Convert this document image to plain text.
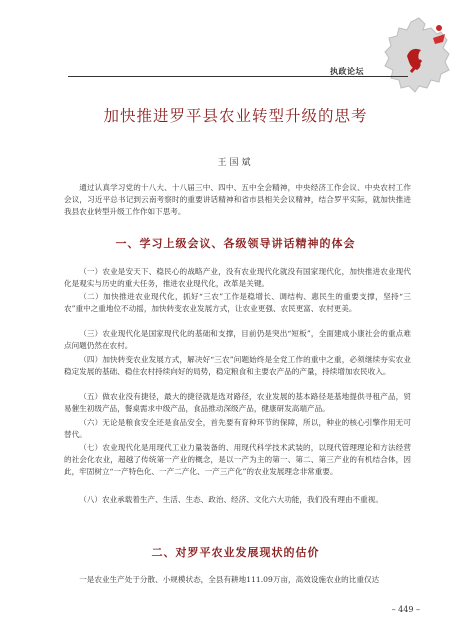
执政论坛
加快推进罗平县农业转型升级的思考
王国斌

通过认真学习党的十八大、十八届三中、四中、五中全会精神，中央经济工作会议、中央农村工作会议，习近平总书记到云南考察时的重要讲话精神和省市县相关会议精神，结合罗平实际，就加快推进我县农业转型升级工作作如下思考。

一、学习上级会议、各级领导讲话精神的体会

（一）农业是安天下、稳民心的战略产业，没有农业现代化就没有国家现代化，加快推进农业现代化是观实与历史的重大任务，推进农业现代化，改革是关键。

（二）加快推进农业现代化，抓好“三农”工作是稳增长、调结构、惠民生的重要支撑，坚持“三农”重中之重地位不动摇，加快转变农业发展方式，让农业更强、农民更富、农村更美。

（三）农业现代化是国家现代化的基础和支撑，目前仍是突出“短板”，全面建成小康社会的重点难点问题仍然在农村。

（四）加快转变农业发展方式，解决好“三农”问题始终是全党工作的重中之重，必须继续夯实农业稳定发展的基础、稳住农村持续向好的局势，稳定粮食和主要农产品的产量，持续增加农民收入。

（五）做农业没有捷径，最大的捷径就是选对路径，农业发展的基本路径是基地提供寻租产品，贸易催生初级产品，餐桌需求中级产品，食品推动深级产品，健康研发高端产品。

（六）无论是粮食安全还是食品安全，首先要有育种环节的保障，所以，种业的核心引擎作用无可替代。

（七）农业现代化是用现代工业力量装备的、用现代科学技术武装的，以现代管理理论和方法经营的社会化农业，超越了传统第一产业的概念，是以一产为主的第一、第二、第三产业的有机结合体，因此，牢固树立“一产特色化、一产二产化、一产三产化”的农业发展理念非常重要。

（八）农业承载着生产、生活、生态、政治、经济、文化六大功能，我们没有理由不重视。

二、对罗平农业发展现状的估价

一是农业生产处于分散、小规模状态，全县有耕地111.09万亩，高效设施农业的比重仅达

– 449 –
